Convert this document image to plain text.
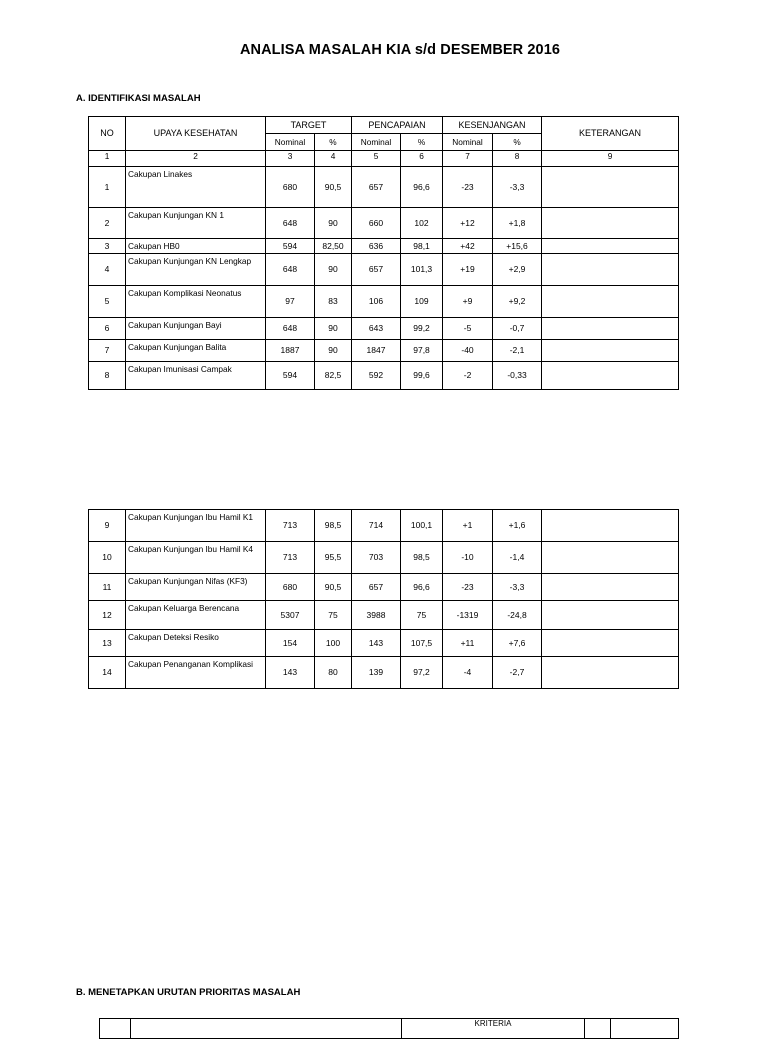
ANALISA MASALAH KIA s/d DESEMBER 2016
A. IDENTIFIKASI MASALAH
NO	UPAYA KESEHATAN	TARGET		PENCAPAIAN		KESENJANGAN		KETERANGAN
		Nominal	%	Nominal	%	Nominal	%	
1	2	3	4	5	6	7	8	9
1	Cakupan Linakes	680	90,5	657	96,6	-23	-3,3	
2	Cakupan Kunjungan KN 1	648	90	660	102	+12	+1,8	
3	Cakupan HB0	594	82,50	636	98,1	+42	+15,6	
4	Cakupan Kunjungan KN Lengkap	648	90	657	101,3	+19	+2,9	
5	Cakupan Komplikasi Neonatus	97	83	106	109	+9	+9,2	
6	Cakupan Kunjungan Bayi	648	90	643	99,2	-5	-0,7	
7	Cakupan Kunjungan Balita	1887	90	1847	97,8	-40	-2,1	
8	Cakupan Imunisasi Campak	594	82,5	592	99,6	-2	-0,33	
9	Cakupan Kunjungan Ibu Hamil K1	713	98,5	714	100,1	+1	+1,6	
10	Cakupan Kunjungan Ibu Hamil K4	713	95,5	703	98,5	-10	-1,4	
11	Cakupan Kunjungan Nifas (KF3)	680	90,5	657	96,6	-23	-3,3	
12	Cakupan Keluarga Berencana	5307	75	3988	75	-1319	-24,8	
13	Cakupan Deteksi Resiko	154	100	143	107,5	+11	+7,6	
14	Cakupan Penanganan Komplikasi	143	80	139	97,2	-4	-2,7	
B. MENETAPKAN URUTAN PRIORITAS MASALAH
		KRITERIA		
